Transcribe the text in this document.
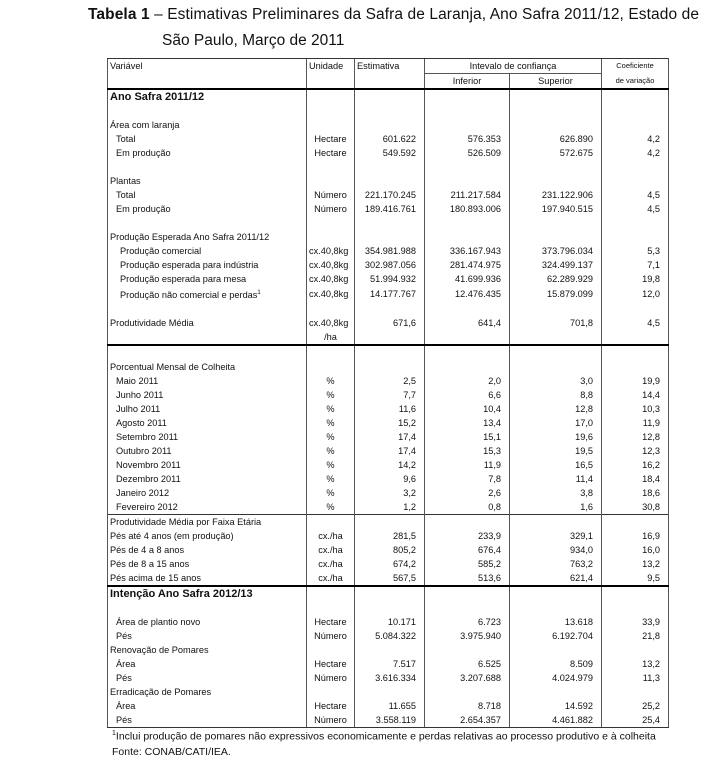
Tabela 1 – Estimativas Preliminares da Safra de Laranja, Ano Safra 2011/12, Estado de
São Paulo, Março de 2011
Variável	Unidade	Estimativa	Intevalo de confiança		Coeficiente
			Inferior	Superior	de variação
Ano Safra 2011/12					

Área com laranja					
Total	Hectare	601.622	576.353	626.890	4,2
Em produção	Hectare	549.592	526.509	572.675	4,2

Plantas					
Total	Número	221.170.245	211.217.584	231.122.906	4,5
Em produção	Número	189.416.761	180.893.006	197.940.515	4,5

Produção Esperada Ano Safra 2011/12					
Produção comercial	cx.40,8kg	354.981.988	336.167.943	373.796.034	5,3
Produção esperada para indústria	cx.40,8kg	302.987.056	281.474.975	324.499.137	7,1
Produção esperada para mesa	cx.40,8kg	51.994.932	41.699.936	62.289.929	19,8
Produção não comercial e perdas$^1$	cx.40,8kg	14.177.767	12.476.435	15.879.099	12,0

Produtividade Média	cx.40,8kg	671,6	641,4	701,8	4,5
	/ha				

Porcentual Mensal de Colheita					
Maio 2011	%	2,5	2,0	3,0	19,9
Junho 2011	%	7,7	6,6	8,8	14,4
Julho 2011	%	11,6	10,4	12,8	10,3
Agosto 2011	%	15,2	13,4	17,0	11,9
Setembro 2011	%	17,4	15,1	19,6	12,8
Outubro 2011	%	17,4	15,3	19,5	12,3
Novembro 2011	%	14,2	11,9	16,5	16,2
Dezembro 2011	%	9,6	7,8	11,4	18,4
Janeiro 2012	%	3,2	2,6	3,8	18,6
Fevereiro 2012	%	1,2	0,8	1,6	30,8
Produtividade Média por Faixa Etária					
Pés até 4 anos (em produção)	cx./ha	281,5	233,9	329,1	16,9
Pés de 4 a 8 anos	cx./ha	805,2	676,4	934,0	16,0
Pés de 8 a 15 anos	cx./ha	674,2	585,2	763,2	13,2
Pés acima de 15 anos	cx./ha	567,5	513,6	621,4	9,5
Intenção Ano Safra 2012/13					

Área de plantio novo	Hectare	10.171	6.723	13.618	33,9
Pés	Número	5.084.322	3.975.940	6.192.704	21,8
Renovação de Pomares					
Área	Hectare	7.517	6.525	8.509	13,2
Pés	Número	3.616.334	3.207.688	4.024.979	11,3
Erradicação de Pomares					
Área	Hectare	11.655	8.718	14.592	25,2
Pés	Número	3.558.119	2.654.357	4.461.882	25,4
$^1$Inclui produção de pomares não expressivos economicamente e perdas relativas ao processo produtivo e à colheita
Fonte: CONAB/CATI/IEA.
